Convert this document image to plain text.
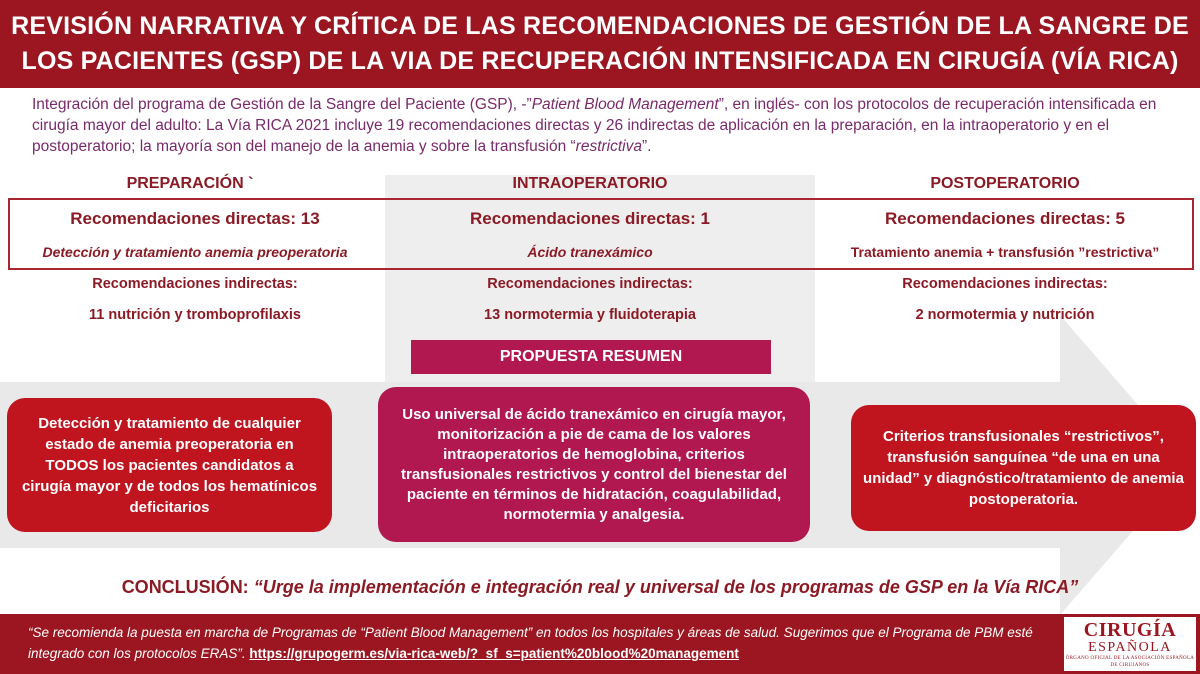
REVISIÓN NARRATIVA Y CRÍTICA DE LAS RECOMENDACIONES DE GESTIÓN DE LA SANGRE DE
LOS PACIENTES (GSP) DE LA VIA DE RECUPERACIÓN INTENSIFICADA EN CIRUGÍA (VÍA RICA)
Integración del programa de Gestión de la Sangre del Paciente (GSP), -”Patient Blood Management”, en inglés- con los protocolos de recuperación intensificada en cirugía mayor del adulto: La Vía RICA 2021 incluye 19 recomendaciones directas y 26 indirectas de aplicación en la preparación, en la intraoperatorio y en el postoperatorio; la mayoría son del manejo de la anemia y sobre la transfusión “restrictiva”.
PREPARACIÓN `	INTRAOPERATORIO	POSTOPERATORIO
Recomendaciones directas: 13	Recomendaciones directas: 1	Recomendaciones directas: 5
Detección y tratamiento anemia preoperatoria	Ácido tranexámico	Tratamiento anemia + transfusión ”restrictiva”
Recomendaciones indirectas:	Recomendaciones indirectas:	Recomendaciones indirectas:
11 nutrición y tromboprofilaxis	13 normotermia y fluidoterapia	2 normotermia y nutrición
PROPUESTA RESUMEN
Detección y tratamiento de cualquier estado de anemia preoperatoria en TODOS los pacientes candidatos a cirugía mayor y de todos los hematínicos deficitarios
Uso universal de ácido tranexámico en cirugía mayor, monitorización a pie de cama de los valores intraoperatorios de hemoglobina, criterios transfusionales restrictivos y control del bienestar del paciente en términos de hidratación, coagulabilidad, normotermia y analgesia.
Criterios transfusionales “restrictivos”, transfusión sanguínea “de una en una unidad” y diagnóstico/tratamiento de anemia postoperatoria.
CONCLUSIÓN: “Urge la implementación e integración real y universal de los programas de GSP en la Vía RICA”
“Se recomienda la puesta en marcha de Programas de “Patient Blood Management” en todos los hospitales y áreas de salud. Sugerimos que el Programa de PBM esté integrado con los protocolos ERAS”. https://grupogerm.es/via-rica-web/?_sf_s=patient%20blood%20management
CIRUGÍA
ESPAÑOLA
ÓRGANO OFICIAL DE LA ASOCIACIÓN ESPAÑOLA DE CIRUJANOS
